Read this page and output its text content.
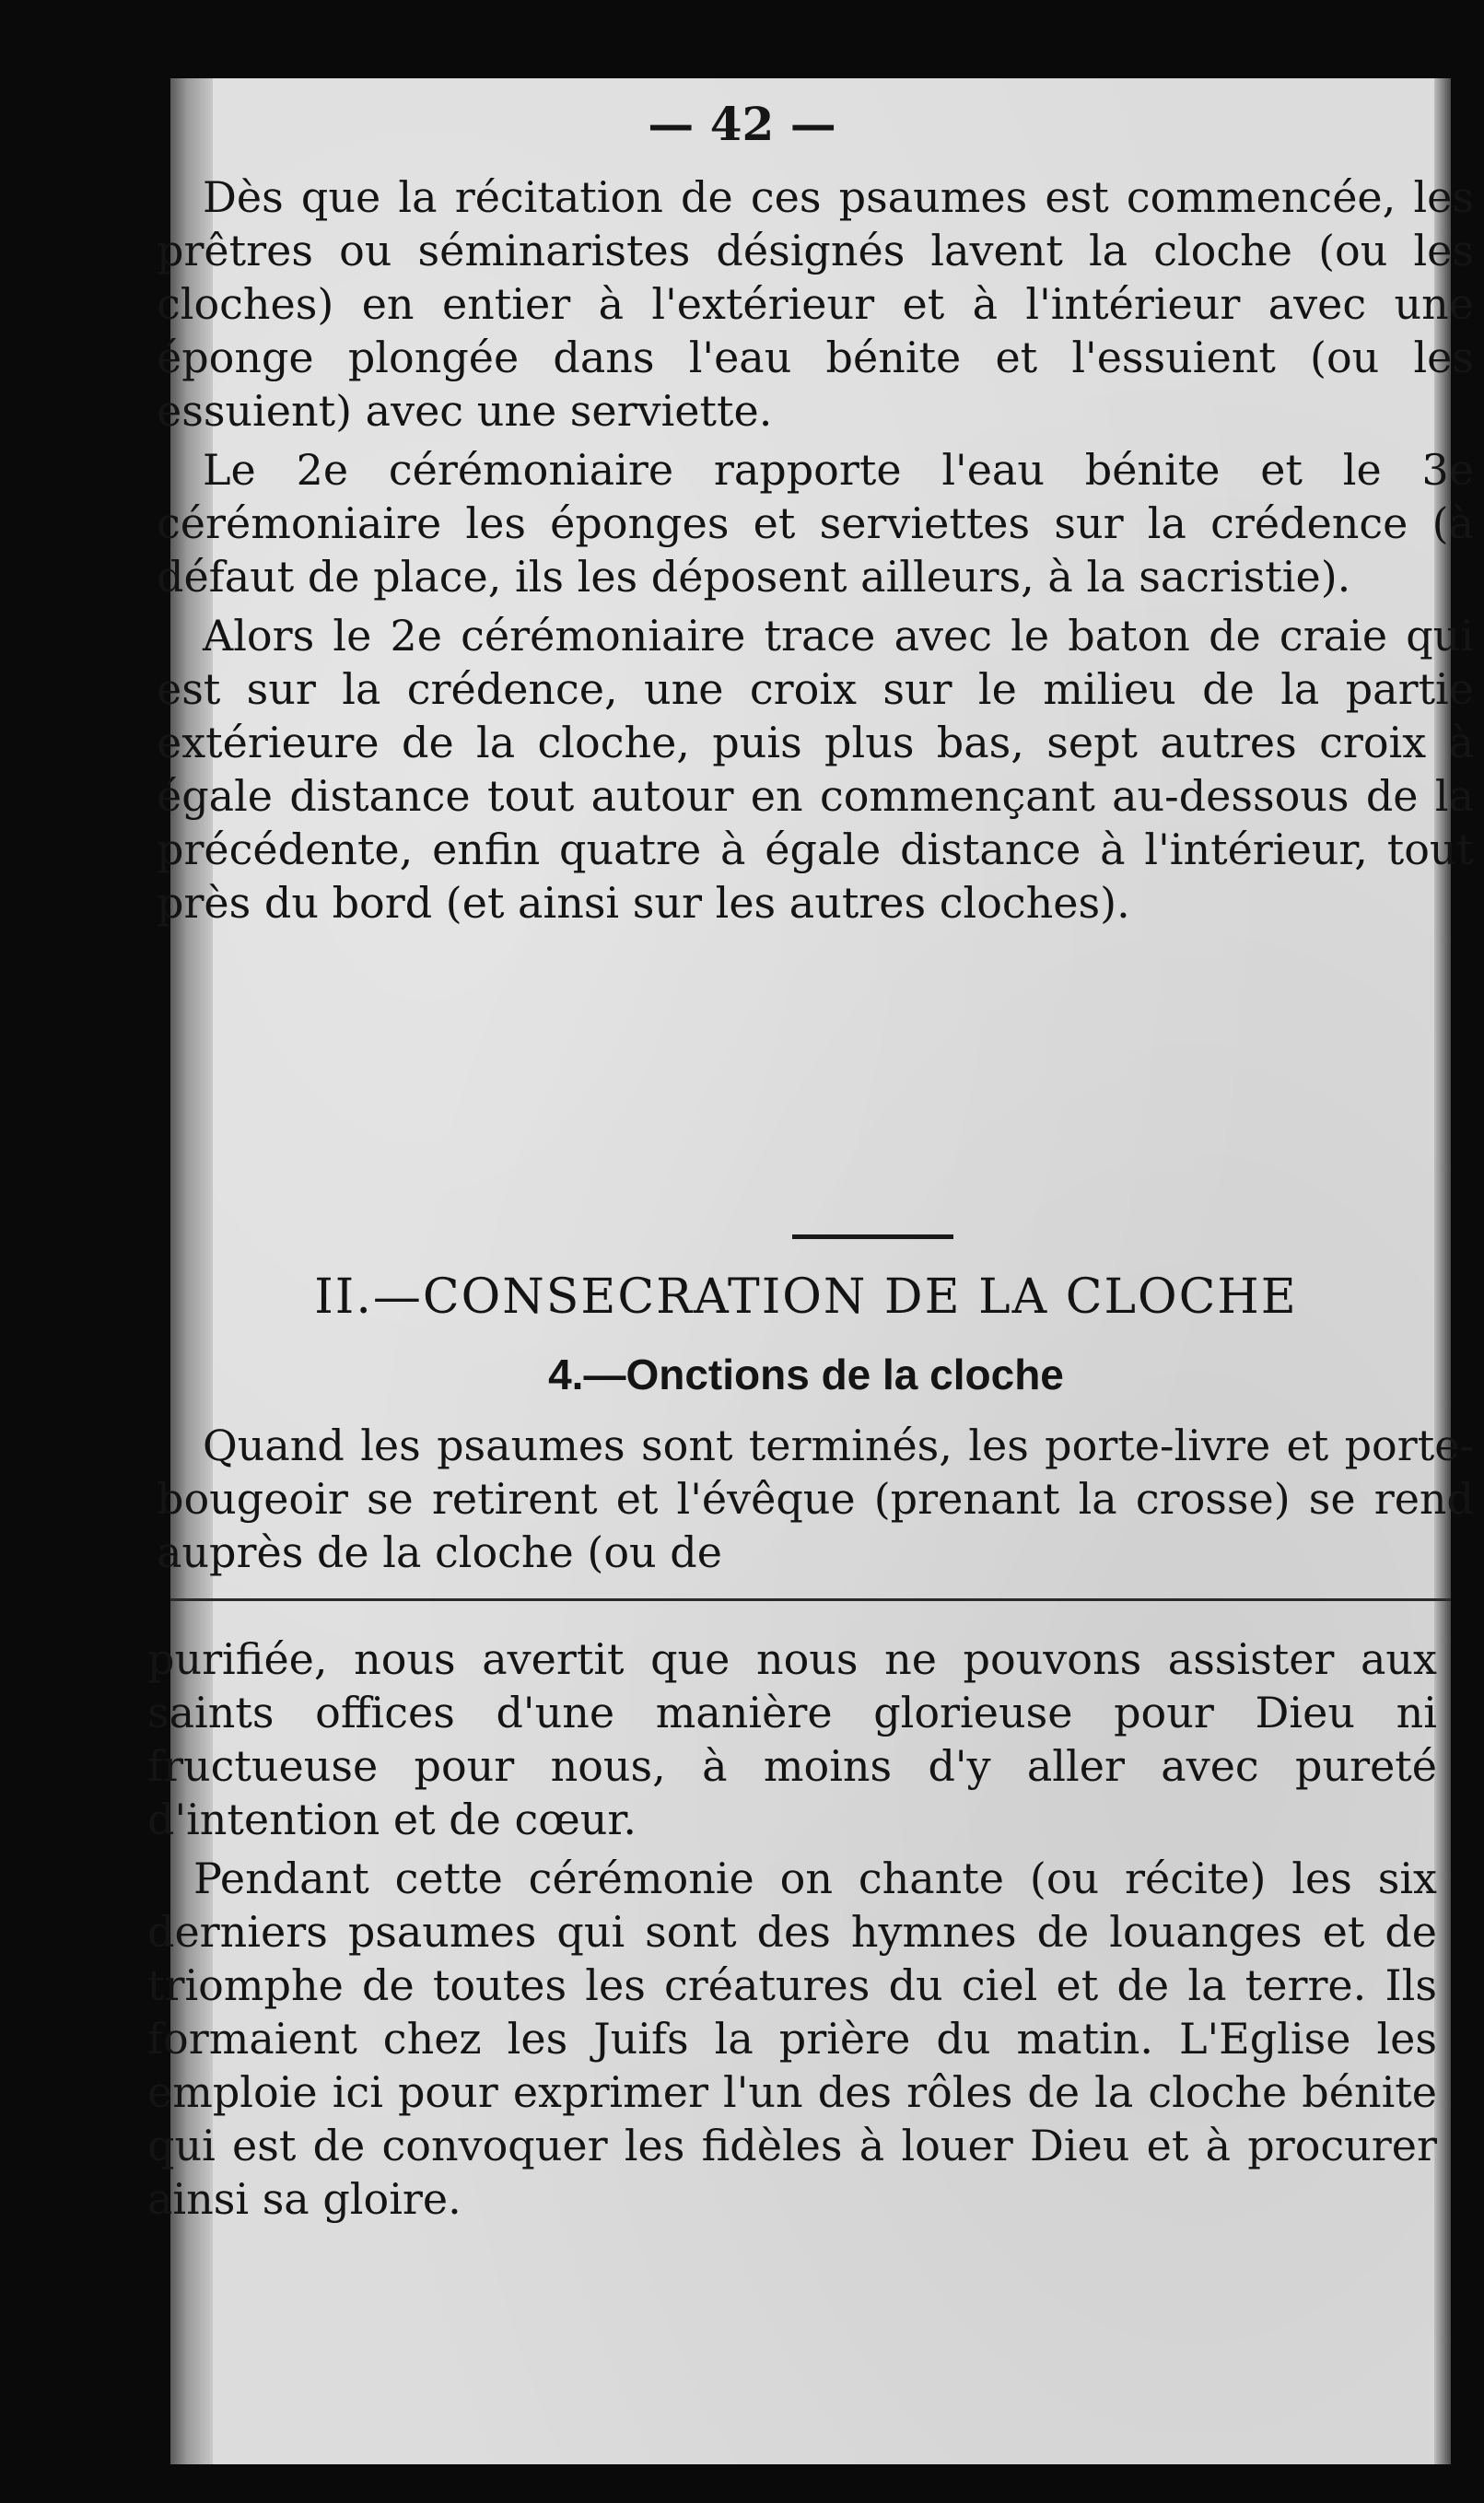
— 42 —

Dès que la récitation de ces psaumes est commencée, les prêtres ou séminaristes désignés lavent la cloche (ou les cloches) en entier à l'extérieur et à l'intérieur avec une éponge plongée dans l'eau bénite et l'essuient (ou les essuient) avec une serviette.

Le 2e cérémoniaire rapporte l'eau bénite et le 3e cérémoniaire les éponges et serviettes sur la crédence (à défaut de place, ils les déposent ailleurs, à la sacristie).

Alors le 2e cérémoniaire trace avec le baton de craie qui est sur la crédence, une croix sur le milieu de la partie extérieure de la cloche, puis plus bas, sept autres croix à égale distance tout autour en commençant au-dessous de la précédente, enfin quatre à égale distance à l'intérieur, tout près du bord (et ainsi sur les autres cloches).

II.—CONSECRATION DE LA CLOCHE
4.—Onctions de la cloche

Quand les psaumes sont terminés, les porte-livre et porte-bougeoir se retirent et l'évêque (prenant la crosse) se rend auprès de la cloche (ou de

purifiée, nous avertit que nous ne pouvons assister aux saints offices d'une manière glorieuse pour Dieu ni fructueuse pour nous, à moins d'y aller avec pureté d'intention et de cœur.

Pendant cette cérémonie on chante (ou récite) les six derniers psaumes qui sont des hymnes de louanges et de triomphe de toutes les créatures du ciel et de la terre. Ils formaient chez les Juifs la prière du matin. L'Eglise les emploie ici pour exprimer l'un des rôles de la cloche bénite qui est de convoquer les fidèles à louer Dieu et à procurer ainsi sa gloire.
